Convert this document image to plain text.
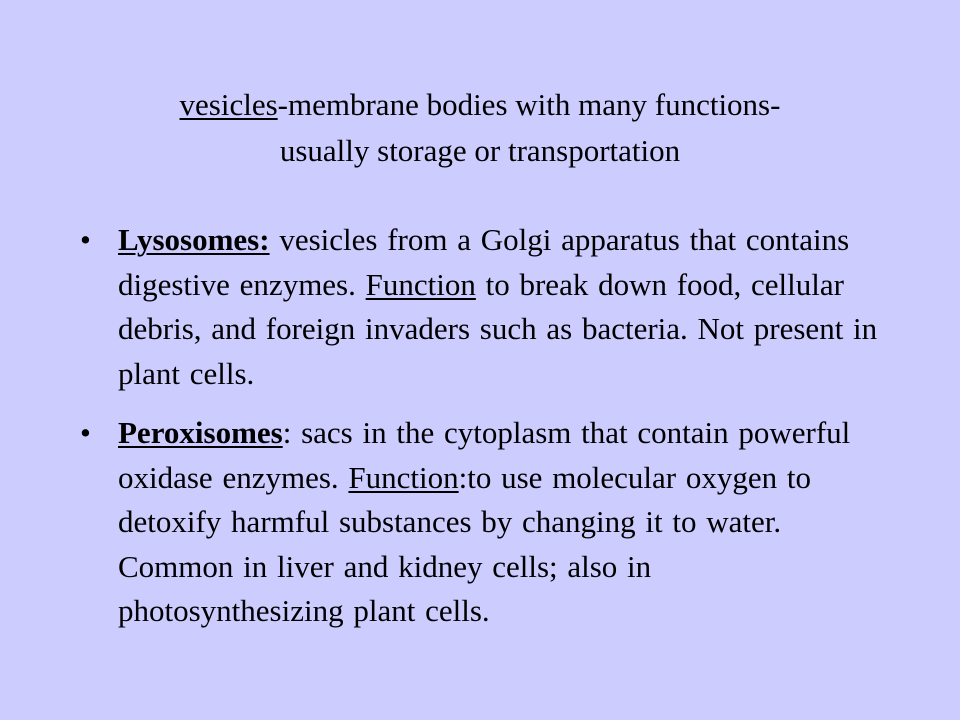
vesicles-membrane bodies with many functions-
usually storage or transportation
• Lysosomes: vesicles from a Golgi apparatus that contains digestive enzymes. Function to break down food, cellular debris, and foreign invaders such as bacteria. Not present in plant cells.
• Peroxisomes: sacs in the cytoplasm that contain powerful oxidase enzymes. Function:to use molecular oxygen to detoxify harmful substances by changing it to water. Common in liver and kidney cells; also in photosynthesizing plant cells.
